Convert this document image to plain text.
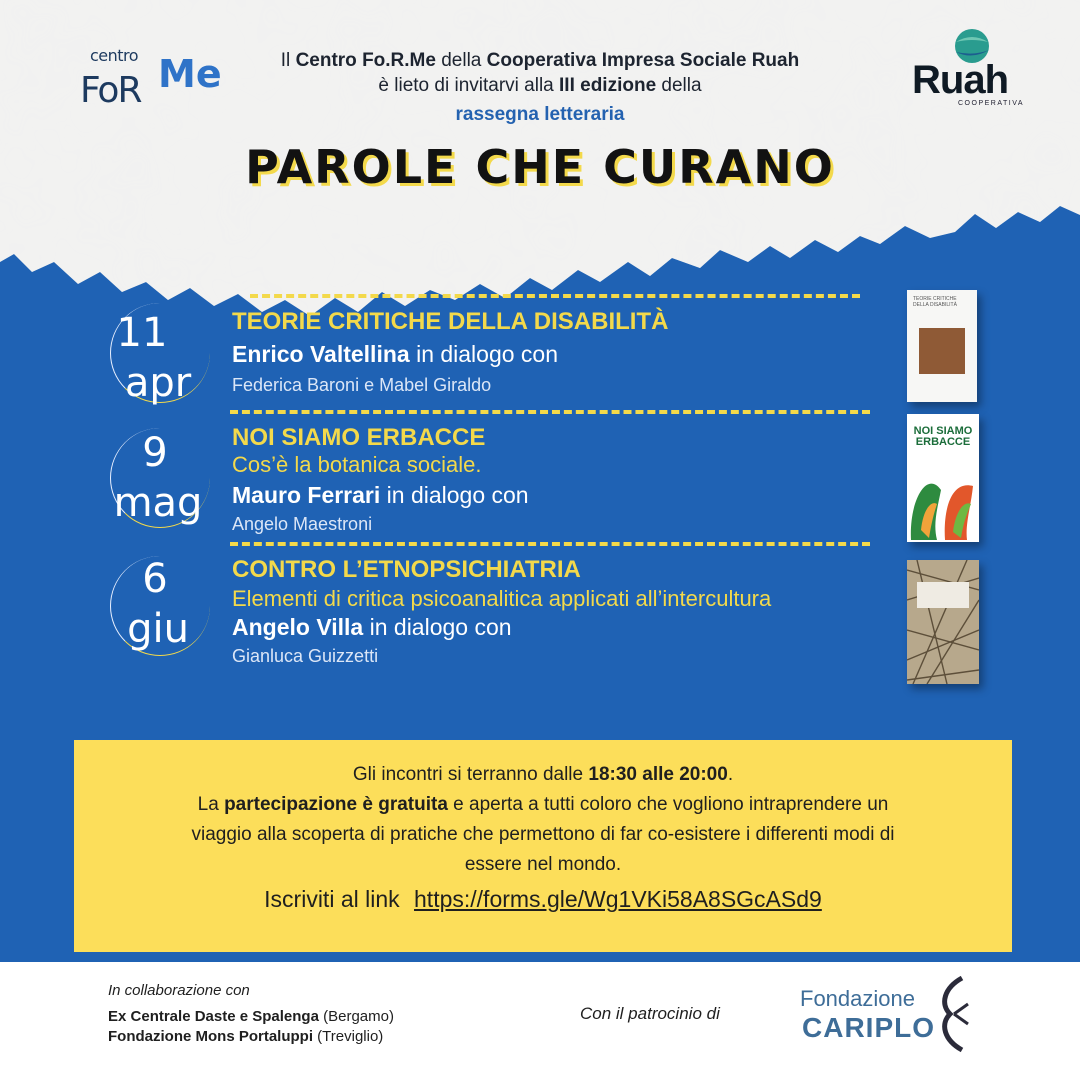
centro
FoR Me	Ruah
COOPERATIVA
Il Centro Fo.R.Me della Cooperativa Impresa Sociale Ruah
è lieto di invitarvi alla III edizione della
rassegna letteraria
PAROLE CHE CURANO
11
apr
TEORIE CRITICHE DELLA DISABILITÀ
Enrico Valtellina in dialogo con
Federica Baroni e Mabel Giraldo
TEORIE CRITICHE DELLA DISABILITÀ
9
mag
NOI SIAMO ERBACCE
Cos’è la botanica sociale.
Mauro Ferrari in dialogo con
Angelo Maestroni
NOI SIAMO ERBACCE
6
giu
CONTRO L’ETNOPSICHIATRIA
Elementi di critica psicoanalitica applicati all’intercultura
Angelo Villa in dialogo con
Gianluca Guizzetti

Gli incontri si terranno dalle 18:30 alle 20:00.

La partecipazione è gratuita e aperta a tutti coloro che vogliono intraprendere un

viaggio alla scoperta di pratiche che permettono di far co-esistere i differenti modi di

essere nel mondo.

Iscriviti al link https://forms.gle/Wg1VKi58A8SGcASd9
In collaborazione con
Ex Centrale Daste e Spalenga (Bergamo)
Fondazione Mons Portaluppi (Treviglio)
Con il patrocinio di
Fondazione
CARIPLO
